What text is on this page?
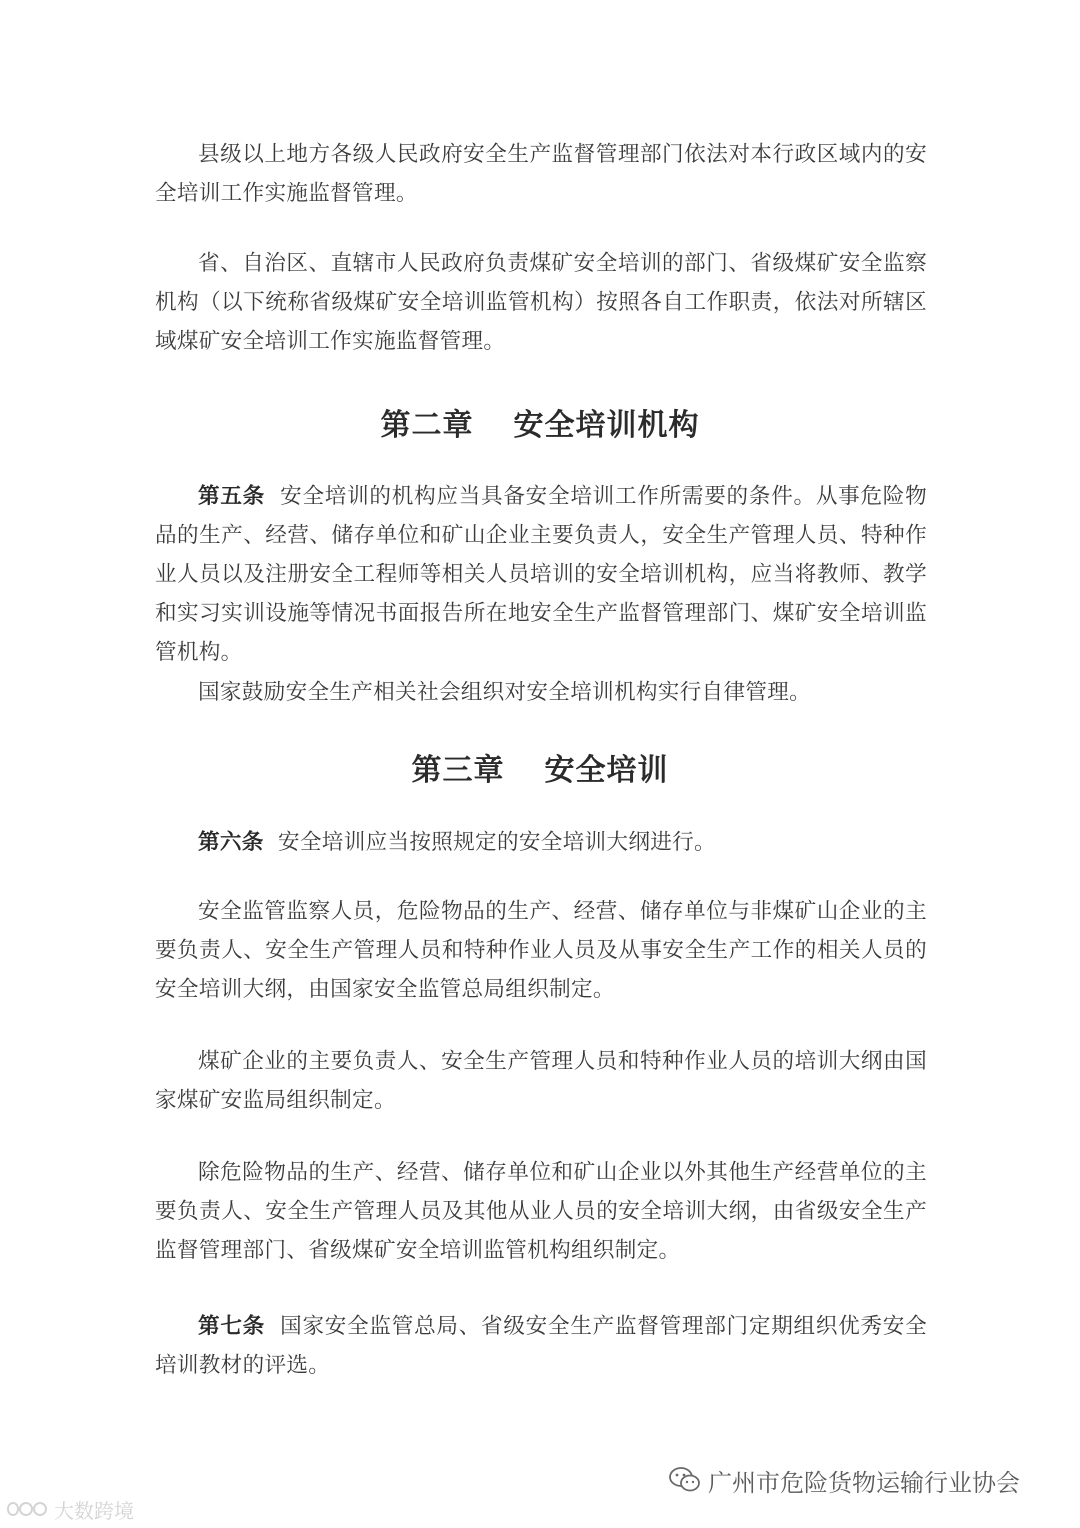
县级以上地方各级人民政府安全生产监督管理部门依法对本行政区域内的安全培训工作实施监督管理。

省、自治区、直辖市人民政府负责煤矿安全培训的部门、省级煤矿安全监察机构（以下统称省级煤矿安全培训监管机构）按照各自工作职责，依法对所辖区域煤矿安全培训工作实施监督管理。

第二章 安全培训机构

第五条 安全培训的机构应当具备安全培训工作所需要的条件。从事危险物品的生产、经营、储存单位和矿山企业主要负责人，安全生产管理人员、特种作业人员以及注册安全工程师等相关人员培训的安全培训机构，应当将教师、教学和实习实训设施等情况书面报告所在地安全生产监督管理部门、煤矿安全培训监管机构。

国家鼓励安全生产相关社会组织对安全培训机构实行自律管理。

第三章 安全培训

第六条 安全培训应当按照规定的安全培训大纲进行。

安全监管监察人员，危险物品的生产、经营、储存单位与非煤矿山企业的主要负责人、安全生产管理人员和特种作业人员及从事安全生产工作的相关人员的安全培训大纲，由国家安全监管总局组织制定。

煤矿企业的主要负责人、安全生产管理人员和特种作业人员的培训大纲由国家煤矿安监局组织制定。

除危险物品的生产、经营、储存单位和矿山企业以外其他生产经营单位的主要负责人、安全生产管理人员及其他从业人员的安全培训大纲，由省级安全生产监督管理部门、省级煤矿安全培训监管机构组织制定。

第七条 国家安全监管总局、省级安全生产监督管理部门定期组织优秀安全培训教材的评选。

广州市危险货物运输行业协会
大数跨境
